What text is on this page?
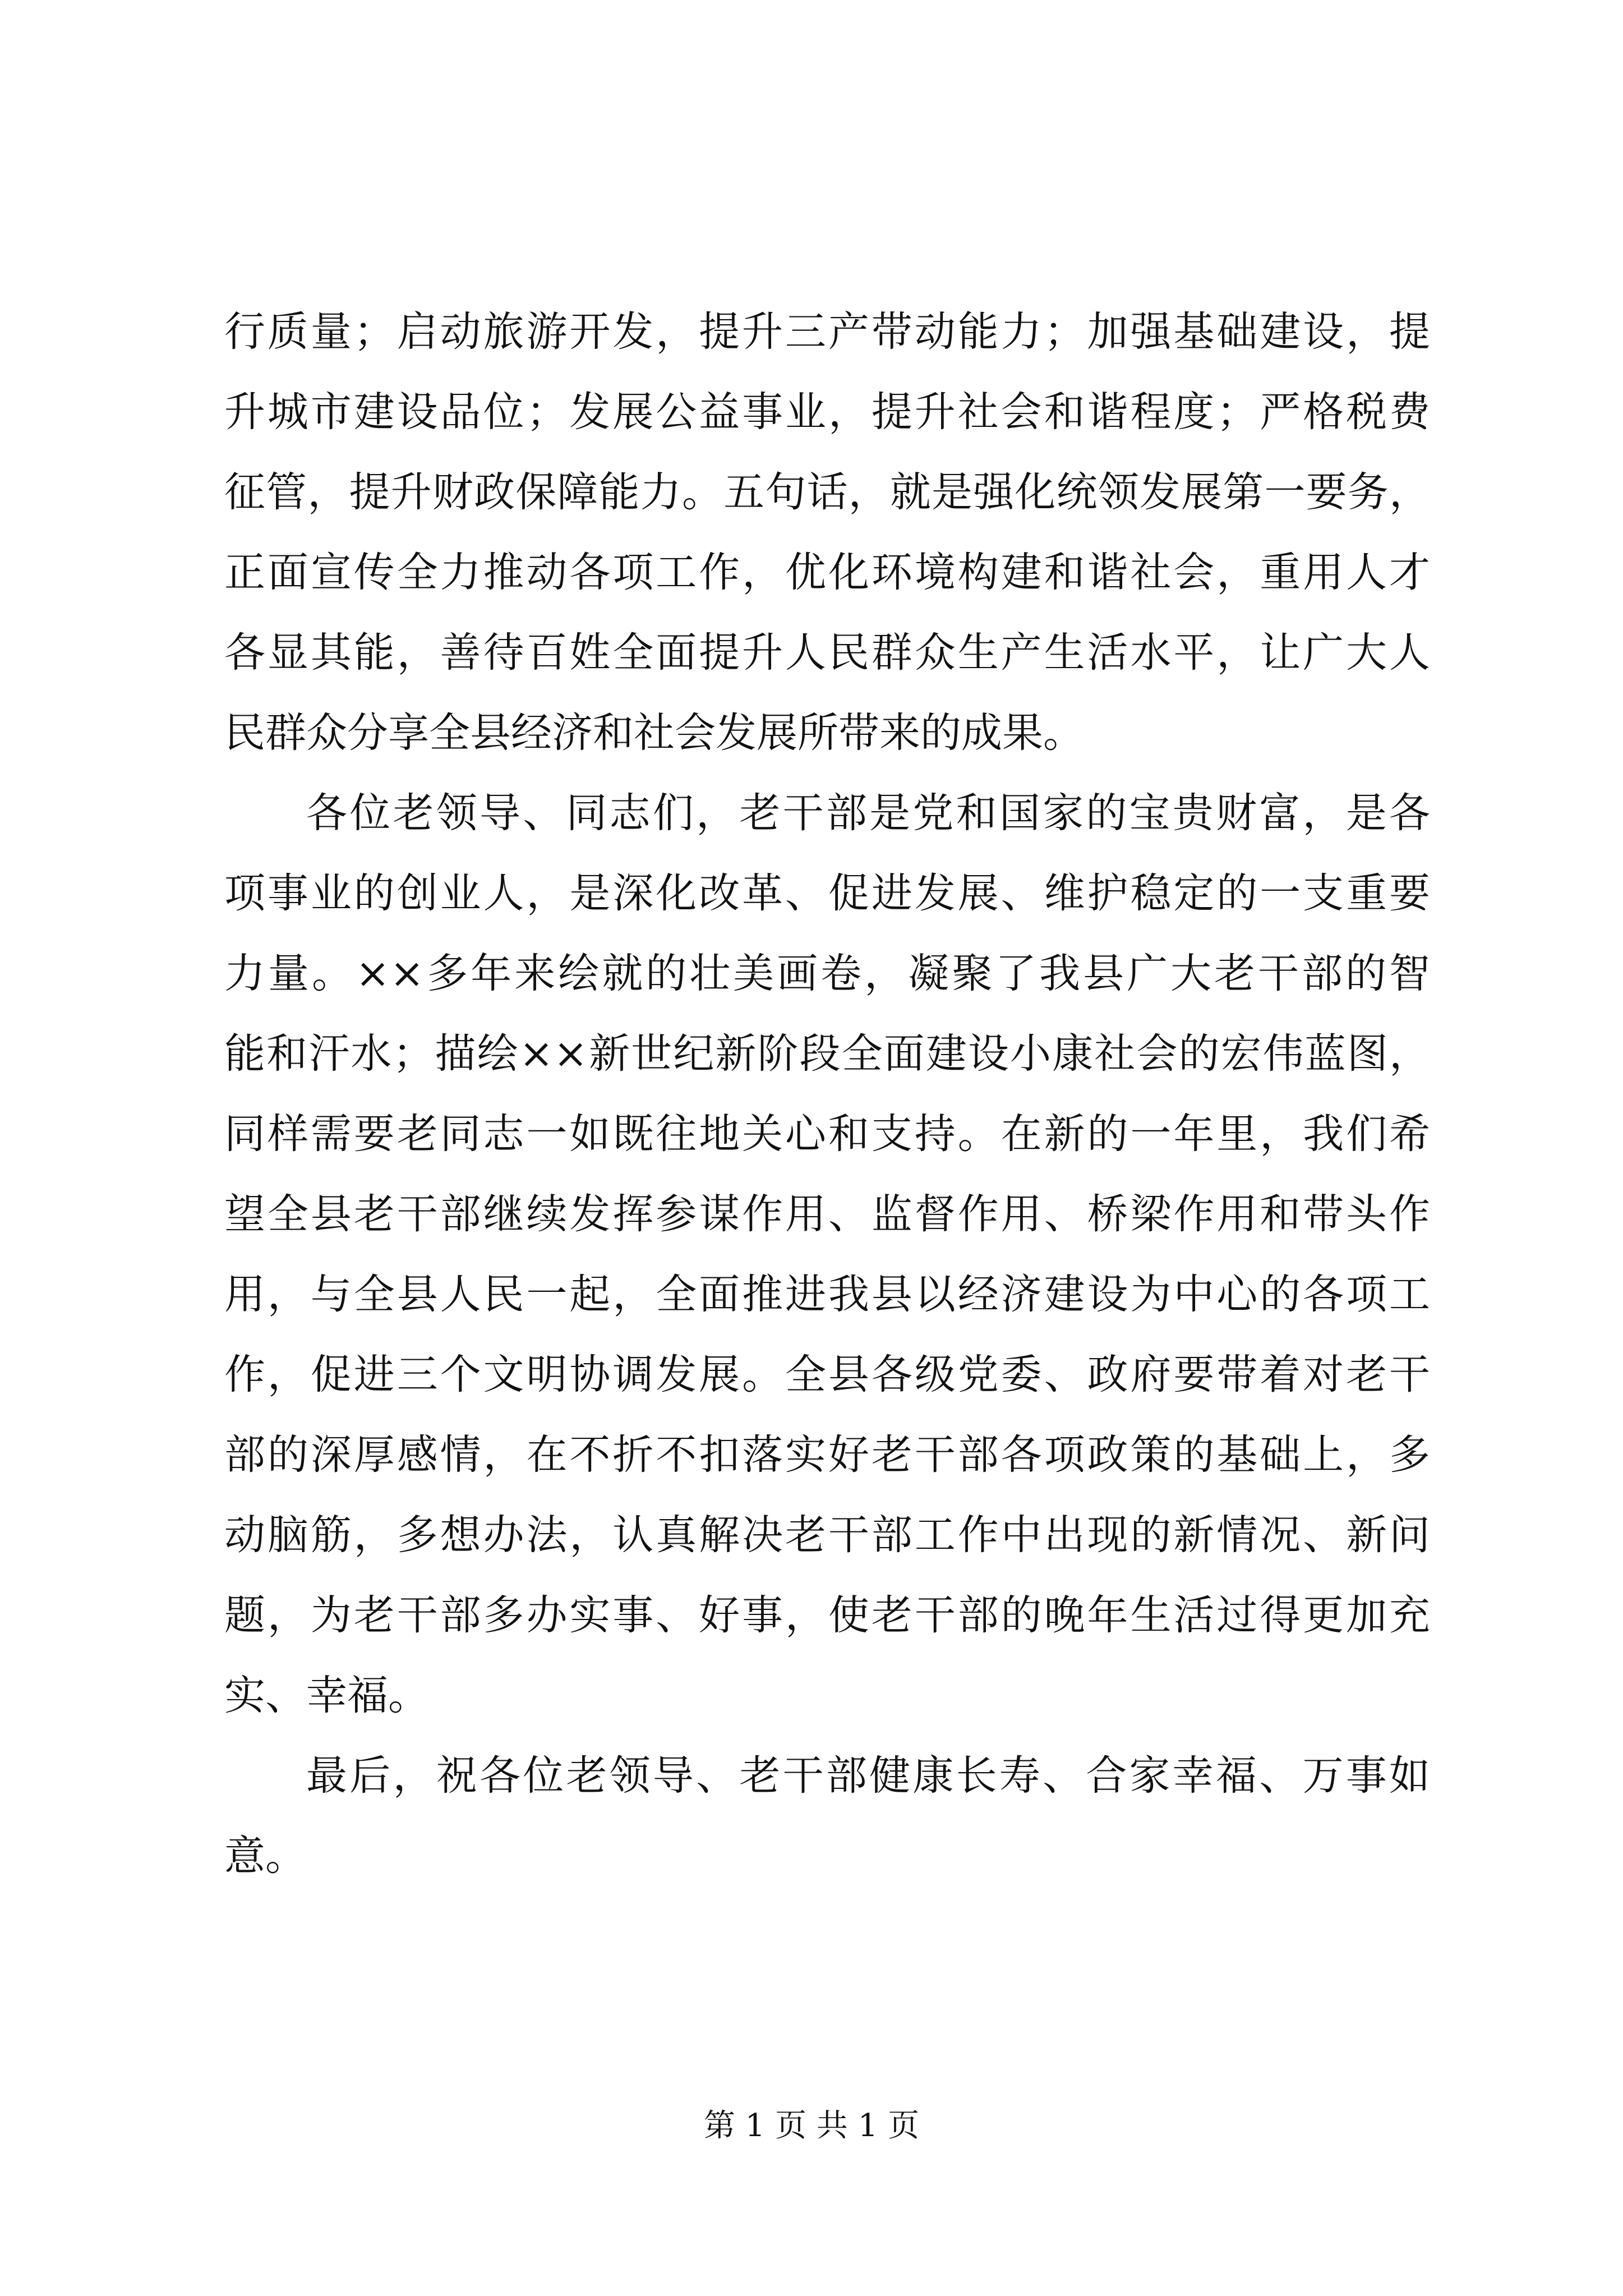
行质量；启动旅游开发，提升三产带动能力；加强基础建设，提
升城市建设品位；发展公益事业，提升社会和谐程度；严格税费
征管，提升财政保障能力。五句话，就是强化统领发展第一要务，
正面宣传全力推动各项工作，优化环境构建和谐社会，重用人才
各显其能，善待百姓全面提升人民群众生产生活水平，让广大人
民群众分享全县经济和社会发展所带来的成果。
各位老领导、同志们，老干部是党和国家的宝贵财富，是各
项事业的创业人，是深化改革、促进发展、维护稳定的一支重要
力量。××多年来绘就的壮美画卷，凝聚了我县广大老干部的智
能和汗水；描绘××新世纪新阶段全面建设小康社会的宏伟蓝图，
同样需要老同志一如既往地关心和支持。在新的一年里，我们希
望全县老干部继续发挥参谋作用、监督作用、桥梁作用和带头作
用，与全县人民一起，全面推进我县以经济建设为中心的各项工
作，促进三个文明协调发展。全县各级党委、政府要带着对老干
部的深厚感情，在不折不扣落实好老干部各项政策的基础上，多
动脑筋，多想办法，认真解决老干部工作中出现的新情况、新问
题，为老干部多办实事、好事，使老干部的晚年生活过得更加充
实、幸福。
最后，祝各位老领导、老干部健康长寿、合家幸福、万事如
意。
第 1 页 共 1 页
